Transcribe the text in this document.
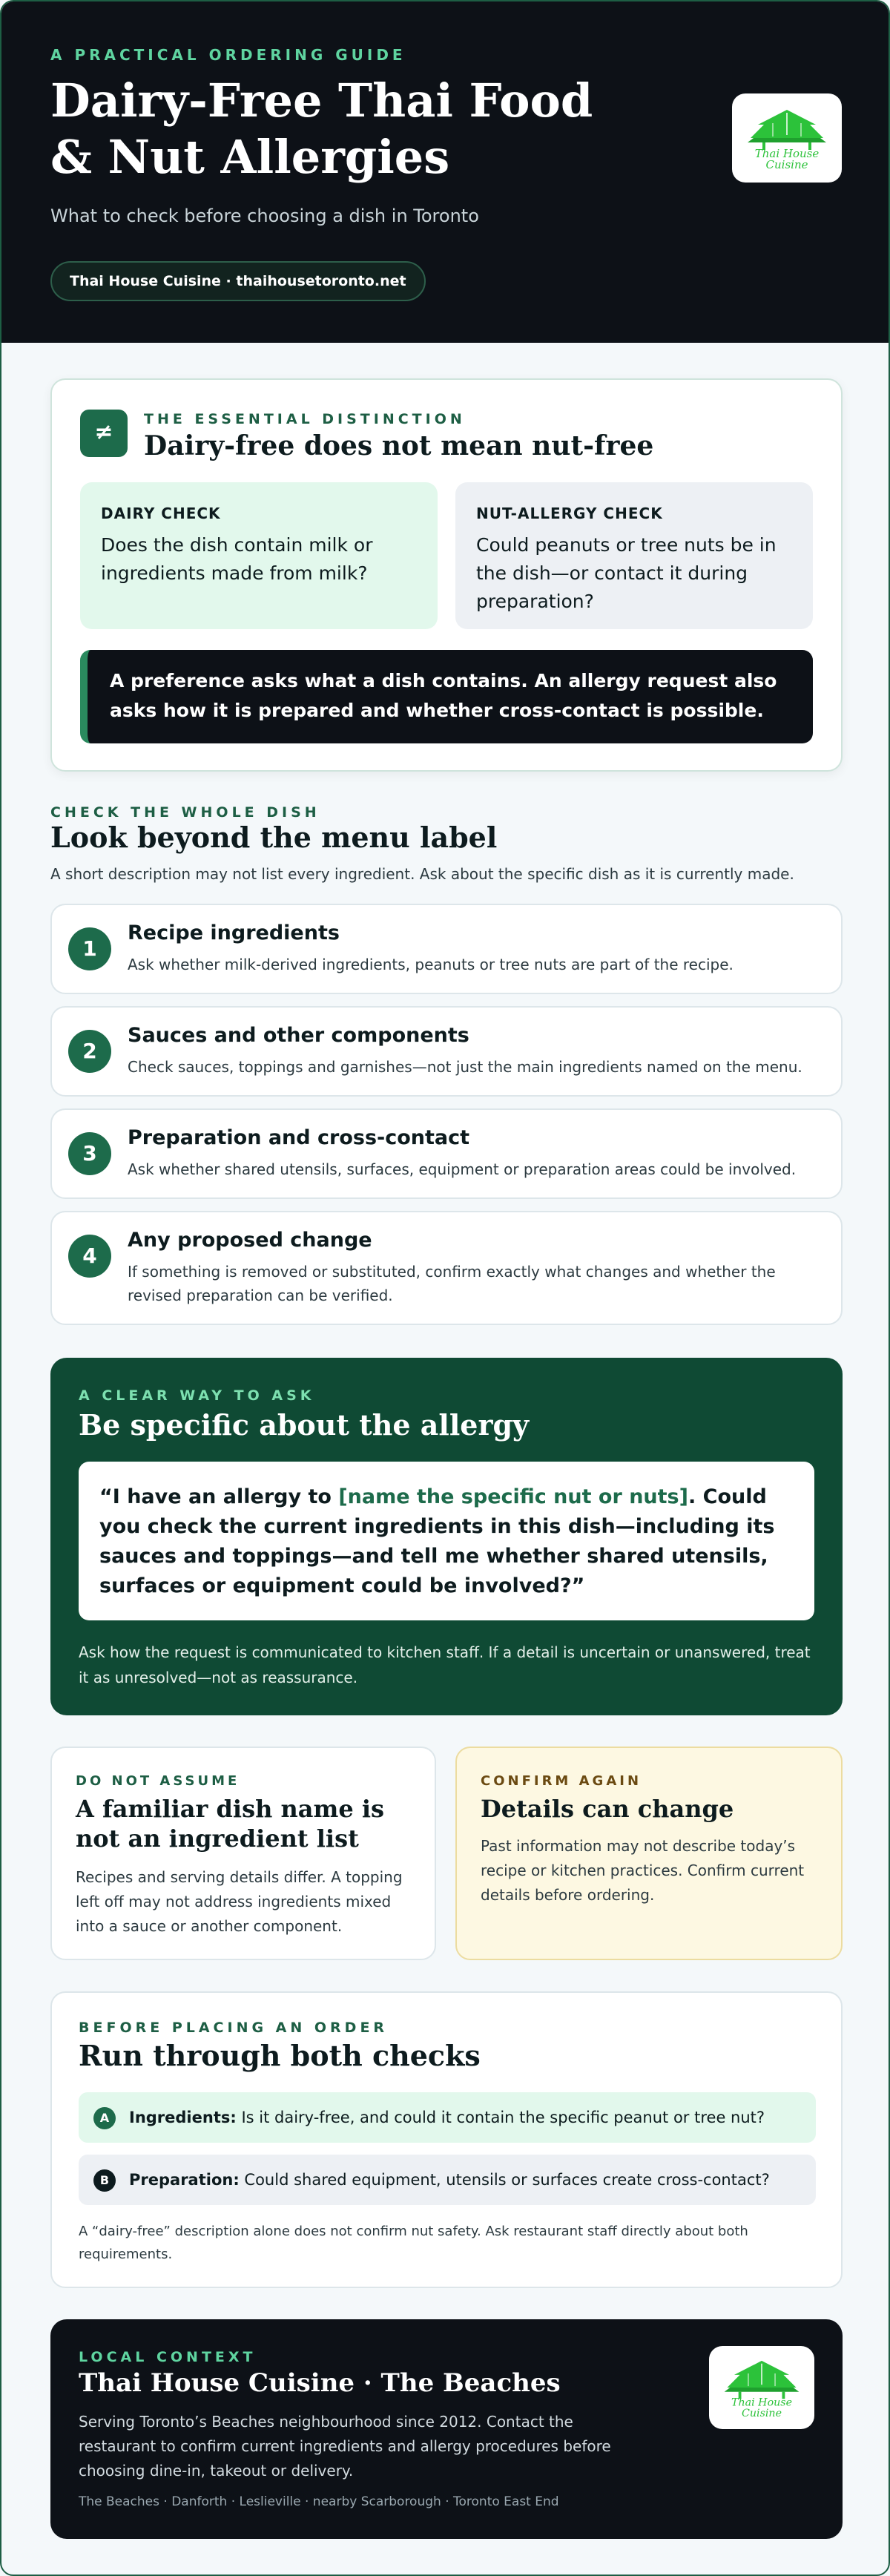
A PRACTICAL ORDERING GUIDE
Dairy-Free Thai Food
& Nut Allergies
What to check before choosing a dish in Toronto
Thai House Cuisine · thaihousetoronto.net
Thai House
Cuisine
≠	THE ESSENTIAL DISTINCTION
Dairy-free does not mean nut-free
DAIRY CHECK
Does the dish contain milk or ingredients made from milk?
NUT-ALLERGY CHECK
Could peanuts or tree nuts be in the dish—or contact it during preparation?
A preference asks what a dish contains. An allergy request also asks how it is prepared and whether cross-contact is possible.
CHECK THE WHOLE DISH
Look beyond the menu label
A short description may not list every ingredient. Ask about the specific dish as it is currently made.
1
Recipe ingredients
Ask whether milk-derived ingredients, peanuts or tree nuts are part of the recipe.
2
Sauces and other components
Check sauces, toppings and garnishes—not just the main ingredients named on the menu.
3
Preparation and cross-contact
Ask whether shared utensils, surfaces, equipment or preparation areas could be involved.
4
Any proposed change
If something is removed or substituted, confirm exactly what changes and whether the revised preparation can be verified.
A CLEAR WAY TO ASK
Be specific about the allergy
“I have an allergy to [name the specific nut or nuts]. Could you check the current ingredients in this dish—including its sauces and toppings—and tell me whether shared utensils, surfaces or equipment could be involved?”
Ask how the request is communicated to kitchen staff. If a detail is uncertain or unanswered, treat it as unresolved—not as reassurance.
DO NOT ASSUME
A familiar dish name is not an ingredient list
Recipes and serving details differ. A topping left off may not address ingredients mixed into a sauce or another component.
CONFIRM AGAIN
Details can change
Past information may not describe today’s recipe or kitchen practices. Confirm current details before ordering.
BEFORE PLACING AN ORDER
Run through both checks
A	Ingredients: Is it dairy-free, and could it contain the specific peanut or tree nut?
B	Preparation: Could shared equipment, utensils or surfaces create cross-contact?
A “dairy-free” description alone does not confirm nut safety. Ask restaurant staff directly about both requirements.
LOCAL CONTEXT
Thai House Cuisine · The Beaches
Serving Toronto’s Beaches neighbourhood since 2012. Contact the restaurant to confirm current ingredients and allergy procedures before choosing dine-in, takeout or delivery.
The Beaches · Danforth · Leslieville · nearby Scarborough · Toronto East End
Thai House
Cuisine
